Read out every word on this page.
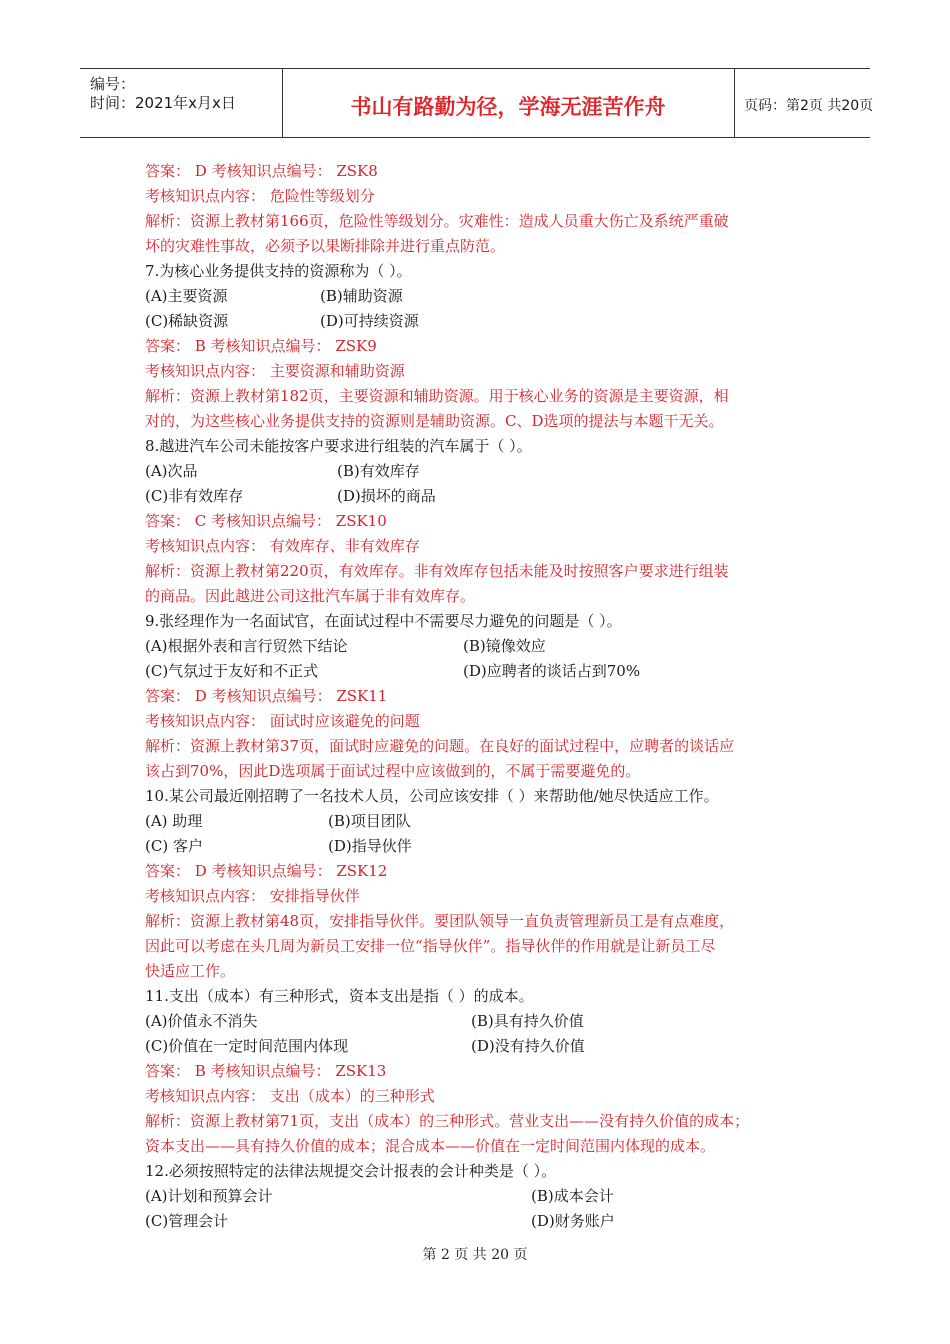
编号：
时间：2021年x月x日	书山有路勤为径，学海无涯苦作舟	页码：第2页 共20页
答案： D 考核知识点编号： ZSK8
考核知识点内容： 危险性等级划分
解析：资源上教材第166页，危险性等级划分。灾难性：造成人员重大伤亡及系统严重破
坏的灾难性事故，必须予以果断排除并进行重点防范。
7.为核心业务提供支持的资源称为（ ）。
(A)主要资源	(B)辅助资源
(C)稀缺资源	(D)可持续资源
答案： B 考核知识点编号： ZSK9
考核知识点内容： 主要资源和辅助资源
解析：资源上教材第182页，主要资源和辅助资源。用于核心业务的资源是主要资源，相
对的，为这些核心业务提供支持的资源则是辅助资源。C、D选项的提法与本题干无关。
8.越进汽车公司未能按客户要求进行组装的汽车属于（ ）。
(A)次品	(B)有效库存
(C)非有效库存	(D)损坏的商品
答案： C 考核知识点编号： ZSK10
考核知识点内容： 有效库存、非有效库存
解析：资源上教材第220页，有效库存。非有效库存包括未能及时按照客户要求进行组装
的商品。因此越进公司这批汽车属于非有效库存。
9.张经理作为一名面试官，在面试过程中不需要尽力避免的问题是（ ）。
(A)根据外表和言行贸然下结论	(B)镜像效应
(C)气氛过于友好和不正式	(D)应聘者的谈话占到70%
答案： D 考核知识点编号： ZSK11
考核知识点内容： 面试时应该避免的问题
解析：资源上教材第37页，面试时应避免的问题。在良好的面试过程中，应聘者的谈话应
该占到70%，因此D选项属于面试过程中应该做到的，不属于需要避免的。
10.某公司最近刚招聘了一名技术人员，公司应该安排（ ）来帮助他/她尽快适应工作。
(A) 助理	(B)项目团队
(C) 客户	(D)指导伙伴
答案： D 考核知识点编号： ZSK12
考核知识点内容： 安排指导伙伴
解析：资源上教材第48页，安排指导伙伴。要团队领导一直负责管理新员工是有点难度，
因此可以考虑在头几周为新员工安排一位“指导伙伴”。指导伙伴的作用就是让新员工尽
快适应工作。
11.支出（成本）有三种形式，资本支出是指（ ）的成本。
(A)价值永不消失	(B)具有持久价值
(C)价值在一定时间范围内体现	(D)没有持久价值
答案： B 考核知识点编号： ZSK13
考核知识点内容： 支出（成本）的三种形式
解析：资源上教材第71页，支出（成本）的三种形式。营业支出——没有持久价值的成本；
资本支出——具有持久价值的成本；混合成本——价值在一定时间范围内体现的成本。
12.必须按照特定的法律法规提交会计报表的会计种类是（ ）。
(A)计划和预算会计	(B)成本会计
(C)管理会计	(D)财务账户
第 2 页 共 20 页
